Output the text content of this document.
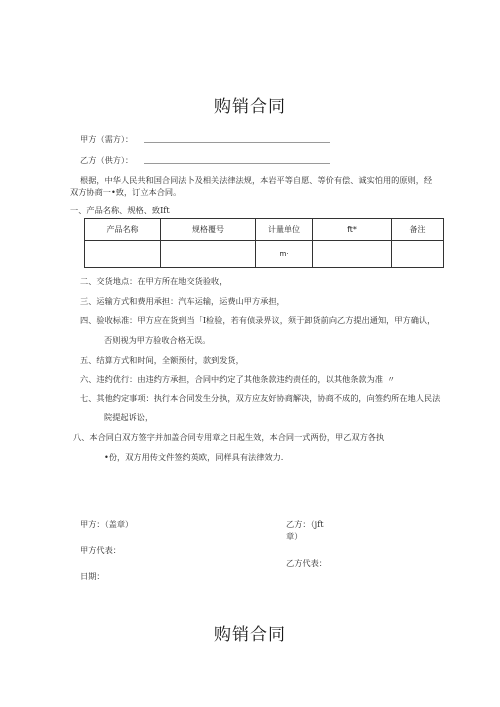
购销合同
甲方（需方）：
乙方（供方）：
根据，中华人民共和国合同法卜及相关法律法规，本岩平等自愿、等价有偿、诚实怕用的原则，经
双方协商一•致，订立本合同。
一、产品名称、规格、致Ift
产品名称	规格覆号	计量单位	ft*	备注
		m·		
二、交货地点：在甲方所在地交货验收，
三、运输方式和费用承担：汽车运输，运费山甲方承担，
四、验收标准：甲方应在货到当「I检验，若有侦录畀议，须于卸货前向乙方提出通知，甲方确认，
否则视为甲方验收合格无误。
五、结算方式和时间，全额预付，款到发货，
六、违约优行：由违约方承担，合同中约定了其他条款违约责任的，以其他条款为准 〃
七、其他约定事项：执行本合同发生分执，双方应友好协商解决，协商不成的，向签约所在地人民法
院提起诉讼，
八、本合同白双方签字并加盖合同专用章之日起生效，本合同一式两份，甲乙双方各执
•份，双方用传文件签约英欧，同样具有法律效力.
甲方：（盖章）	乙方：（jft
章）
甲方代表：
乙方代表：
日期：
购销合同
